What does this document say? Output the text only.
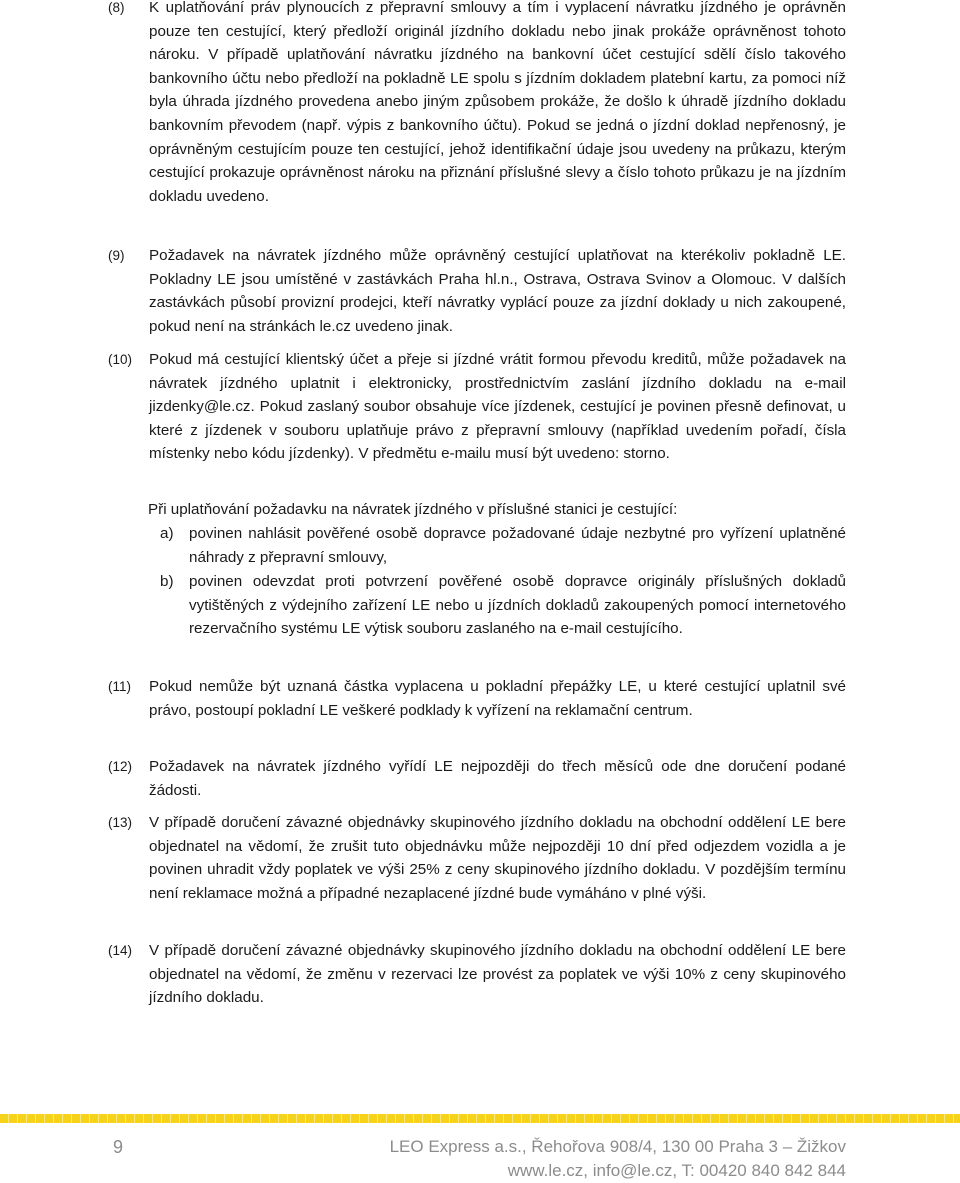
(8)	K uplatňování práv plynoucích z přepravní smlouvy a tím i vyplacení návratku jízdného je oprávněn pouze ten cestující, který předloží originál jízdního dokladu nebo jinak prokáže oprávněnost tohoto nároku. V případě uplatňování návratku jízdného na bankovní účet cestující sdělí číslo takového bankovního účtu nebo předloží na pokladně LE spolu s jízdním dokladem platební kartu, za pomoci níž byla úhrada jízdného provedena anebo jiným způsobem prokáže, že došlo k úhradě jízdního dokladu bankovním převodem (např. výpis z bankovního účtu). Pokud se jedná o jízdní doklad nepřenosný, je oprávněným cestujícím pouze ten cestující, jehož identifikační údaje jsou uvedeny na průkazu, kterým cestující prokazuje oprávněnost nároku na přiznání příslušné slevy a číslo tohoto průkazu je na jízdním dokladu uvedeno.
(9)	Požadavek na návratek jízdného může oprávněný cestující uplatňovat na kterékoliv pokladně LE. Pokladny LE jsou umístěné v zastávkách Praha hl.n., Ostrava, Ostrava Svinov a Olomouc. V dalších zastávkách působí provizní prodejci, kteří návratky vyplácí pouze za jízdní doklady u nich zakoupené, pokud není na stránkách le.cz uvedeno jinak.
(10)	Pokud má cestující klientský účet a přeje si jízdné vrátit formou převodu kreditů, může požadavek na návratek jízdného uplatnit i elektronicky, prostřednictvím zaslání jízdního dokladu na e-mail jizdenky@le.cz. Pokud zaslaný soubor obsahuje více jízdenek, cestující je povinen přesně definovat, u které z jízdenek v souboru uplatňuje právo z přepravní smlouvy (například uvedením pořadí, čísla místenky nebo kódu jízdenky). V předmětu e-mailu musí být uvedeno: storno.
Při uplatňování požadavku na návratek jízdného v příslušné stanici je cestující:
a)	povinen nahlásit pověřené osobě dopravce požadované údaje nezbytné pro vyřízení uplatněné náhrady z přepravní smlouvy,
b)	povinen odevzdat proti potvrzení pověřené osobě dopravce originály příslušných dokladů vytištěných z výdejního zařízení LE nebo u jízdních dokladů zakoupených pomocí internetového rezervačního systému LE výtisk souboru zaslaného na e-mail cestujícího.
(11)	Pokud nemůže být uznaná částka vyplacena u pokladní přepážky LE, u které cestující uplatnil své právo, postoupí pokladní LE veškeré podklady k vyřízení na reklamační centrum.
(12)	Požadavek na návratek jízdného vyřídí LE nejpozději do třech měsíců ode dne doručení podané žádosti.
(13)	V případě doručení závazné objednávky skupinového jízdního dokladu na obchodní oddělení LE bere objednatel na vědomí, že zrušit tuto objednávku může nejpozději 10 dní před odjezdem vozidla a je povinen uhradit vždy poplatek ve výši 25% z ceny skupinového jízdního dokladu. V pozdějším termínu není reklamace možná a případné nezaplacené jízdné bude vymáháno v plné výši.
(14)	V případě doručení závazné objednávky skupinového jízdního dokladu na obchodní oddělení LE bere objednatel na vědomí, že změnu v rezervaci lze provést za poplatek ve výši 10% z ceny skupinového jízdního dokladu.
9	LEO Express a.s., Řehořova 908/4, 130 00 Praha 3 – Žižkov
www.le.cz, info@le.cz, T: 00420 840 842 844
